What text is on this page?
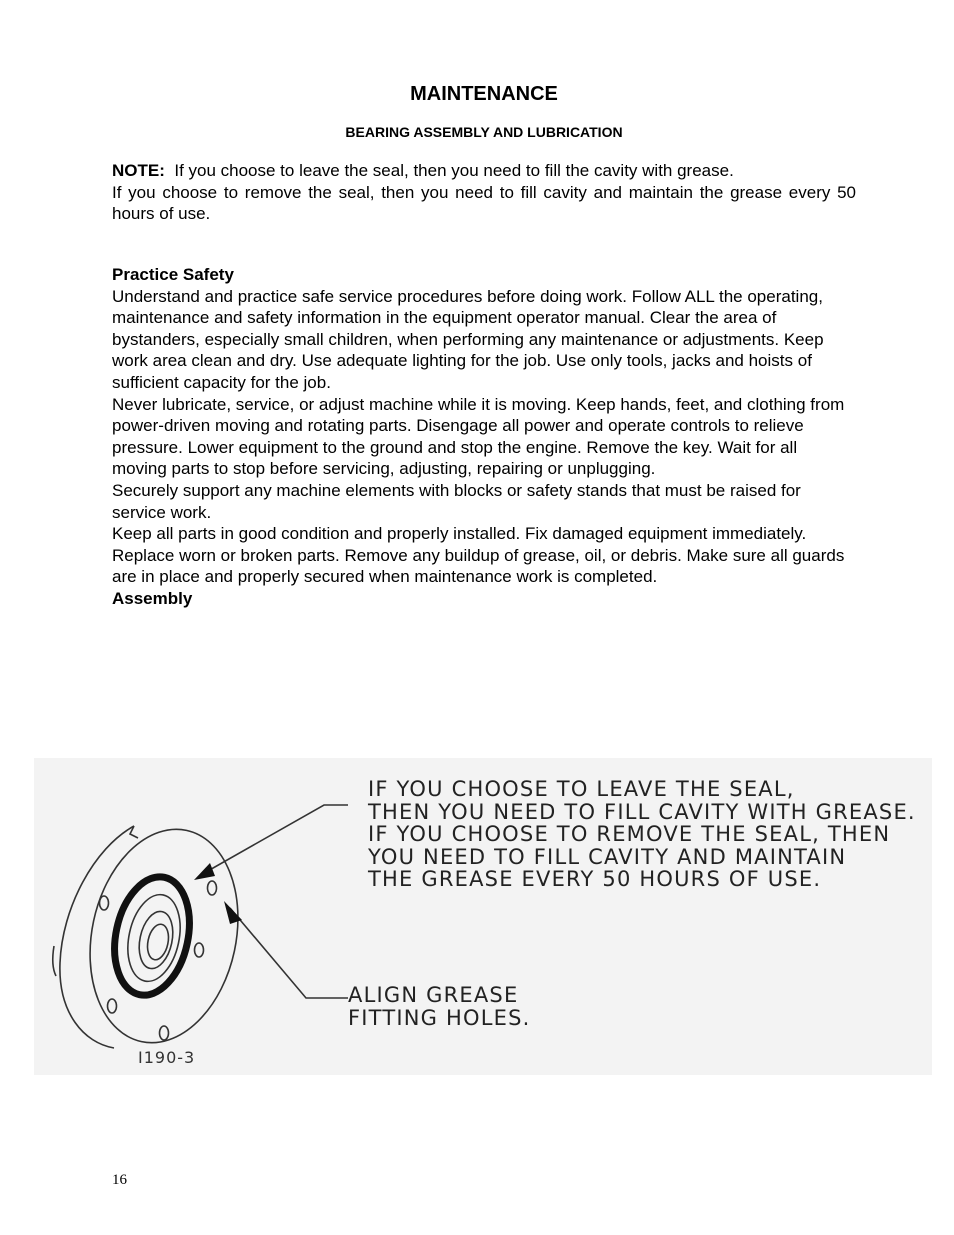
MAINTENANCE
BEARING ASSEMBLY AND LUBRICATION

NOTE: If you choose to leave the seal, then you need to fill the cavity with grease.

If you choose to remove the seal, then you need to fill cavity and maintain the grease every 50 hours of use.

Practice Safety

Understand and practice safe service procedures before doing work. Follow ALL the operating, maintenance and safety information in the equipment operator manual. Clear the area of bystanders, especially small children, when performing any maintenance or adjustments. Keep work area clean and dry. Use adequate lighting for the job. Use only tools, jacks and hoists of sufficient capacity for the job.

Never lubricate, service, or adjust machine while it is moving. Keep hands, feet, and clothing from power-driven moving and rotating parts. Disengage all power and operate controls to relieve pressure. Lower equipment to the ground and stop the engine. Remove the key. Wait for all moving parts to stop before servicing, adjusting, repairing or unplugging.

Securely support any machine elements with blocks or safety stands that must be raised for service work.

Keep all parts in good condition and properly installed. Fix damaged equipment immediately. Replace worn or broken parts. Remove any buildup of grease, oil, or debris. Make sure all guards are in place and properly secured when maintenance work is completed.

Assembly

IF YOU CHOOSE TO LEAVE THE SEAL,
THEN YOU NEED TO FILL CAVITY WITH GREASE.
IF YOU CHOOSE TO REMOVE THE SEAL, THEN
YOU NEED TO FILL CAVITY AND MAINTAIN
THE GREASE EVERY 50 HOURS OF USE.
ALIGN GREASE
FITTING HOLES.
I190-3
16
